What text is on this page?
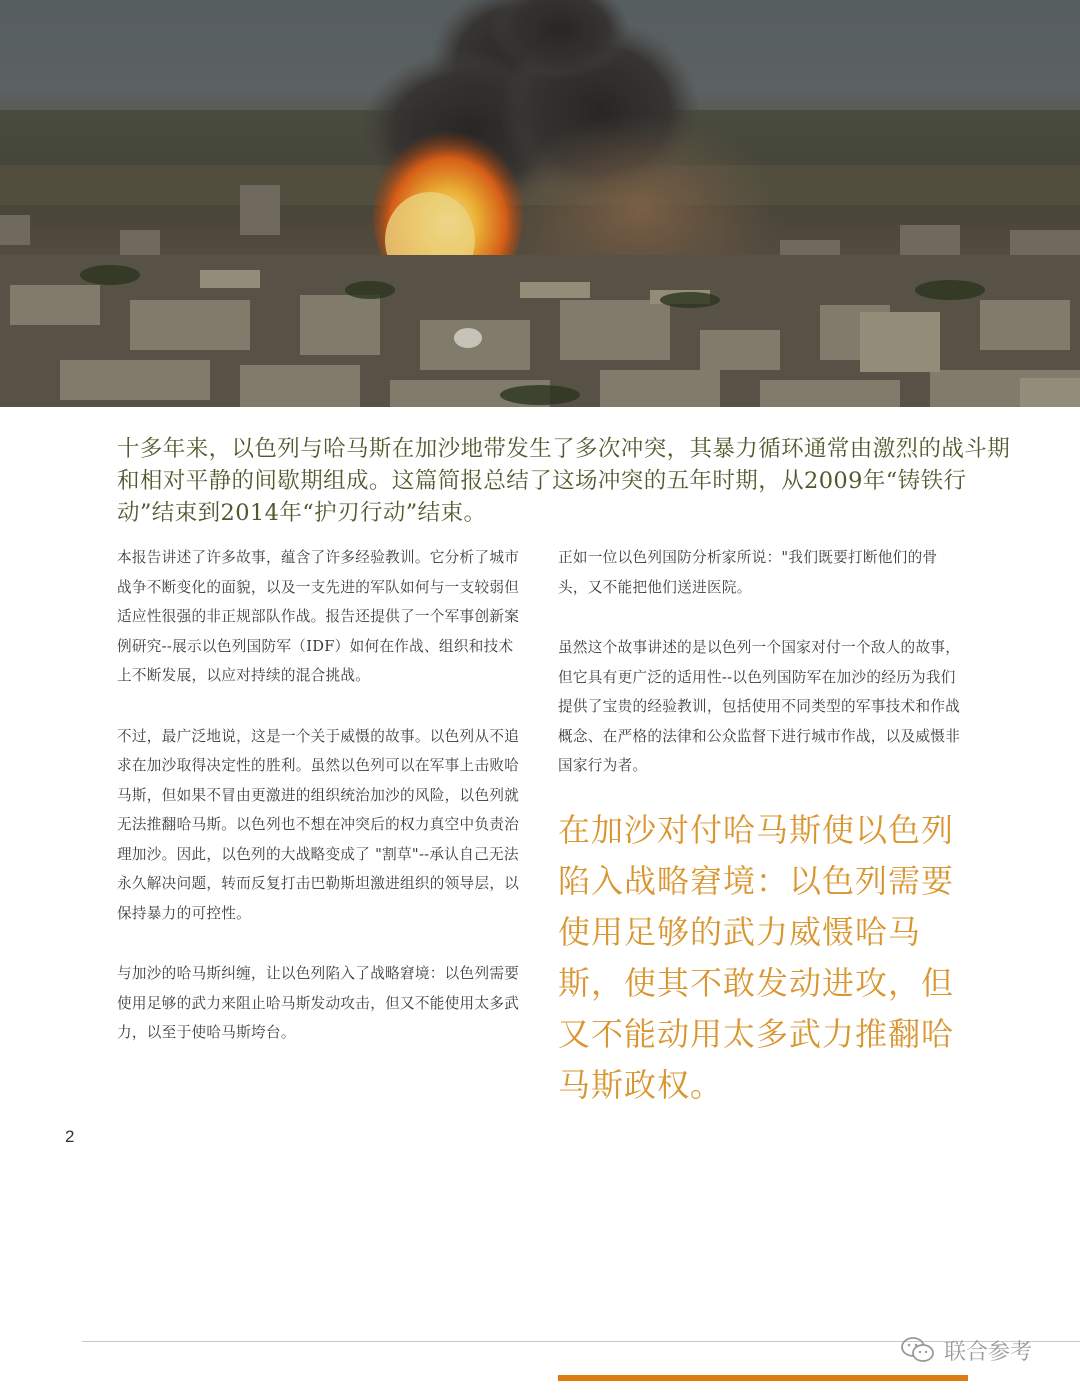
十多年来，以色列与哈马斯在加沙地带发生了多次冲突，其暴力循环通常由激烈的战斗期和相对平静的间歇期组成。这篇简报总结了这场冲突的五年时期，从2009年“铸铁行动”结束到2014年“护刃行动”结束。

本报告讲述了许多故事，蕴含了许多经验教训。它分析了城市战争不断变化的面貌，以及一支先进的军队如何与一支较弱但适应性很强的非正规部队作战。报告还提供了一个军事创新案例研究--展示以色列国防军（IDF）如何在作战、组织和技术上不断发展，以应对持续的混合挑战。

不过，最广泛地说，这是一个关于威慑的故事。以色列从不追求在加沙取得决定性的胜利。虽然以色列可以在军事上击败哈马斯，但如果不冒由更激进的组织统治加沙的风险，以色列就无法推翻哈马斯。以色列也不想在冲突后的权力真空中负责治理加沙。因此，以色列的大战略变成了 "割草"--承认自己无法永久解决问题，转而反复打击巴勒斯坦激进组织的领导层，以保持暴力的可控性。

与加沙的哈马斯纠缠，让以色列陷入了战略窘境：以色列需要使用足够的武力来阻止哈马斯发动攻击，但又不能使用太多武力，以至于使哈马斯垮台。

正如一位以色列国防分析家所说："我们既要打断他们的骨头，又不能把他们送进医院。

虽然这个故事讲述的是以色列一个国家对付一个敌人的故事，但它具有更广泛的适用性--以色列国防军在加沙的经历为我们提供了宝贵的经验教训，包括使用不同类型的军事技术和作战概念、在严格的法律和公众监督下进行城市作战，以及威慑非国家行为者。

在加沙对付哈马斯使以色列陷入战略窘境：以色列需要使用足够的武力威慑哈马斯，使其不敢发动进攻，但又不能动用太多武力推翻哈马斯政权。

2
联合参考
